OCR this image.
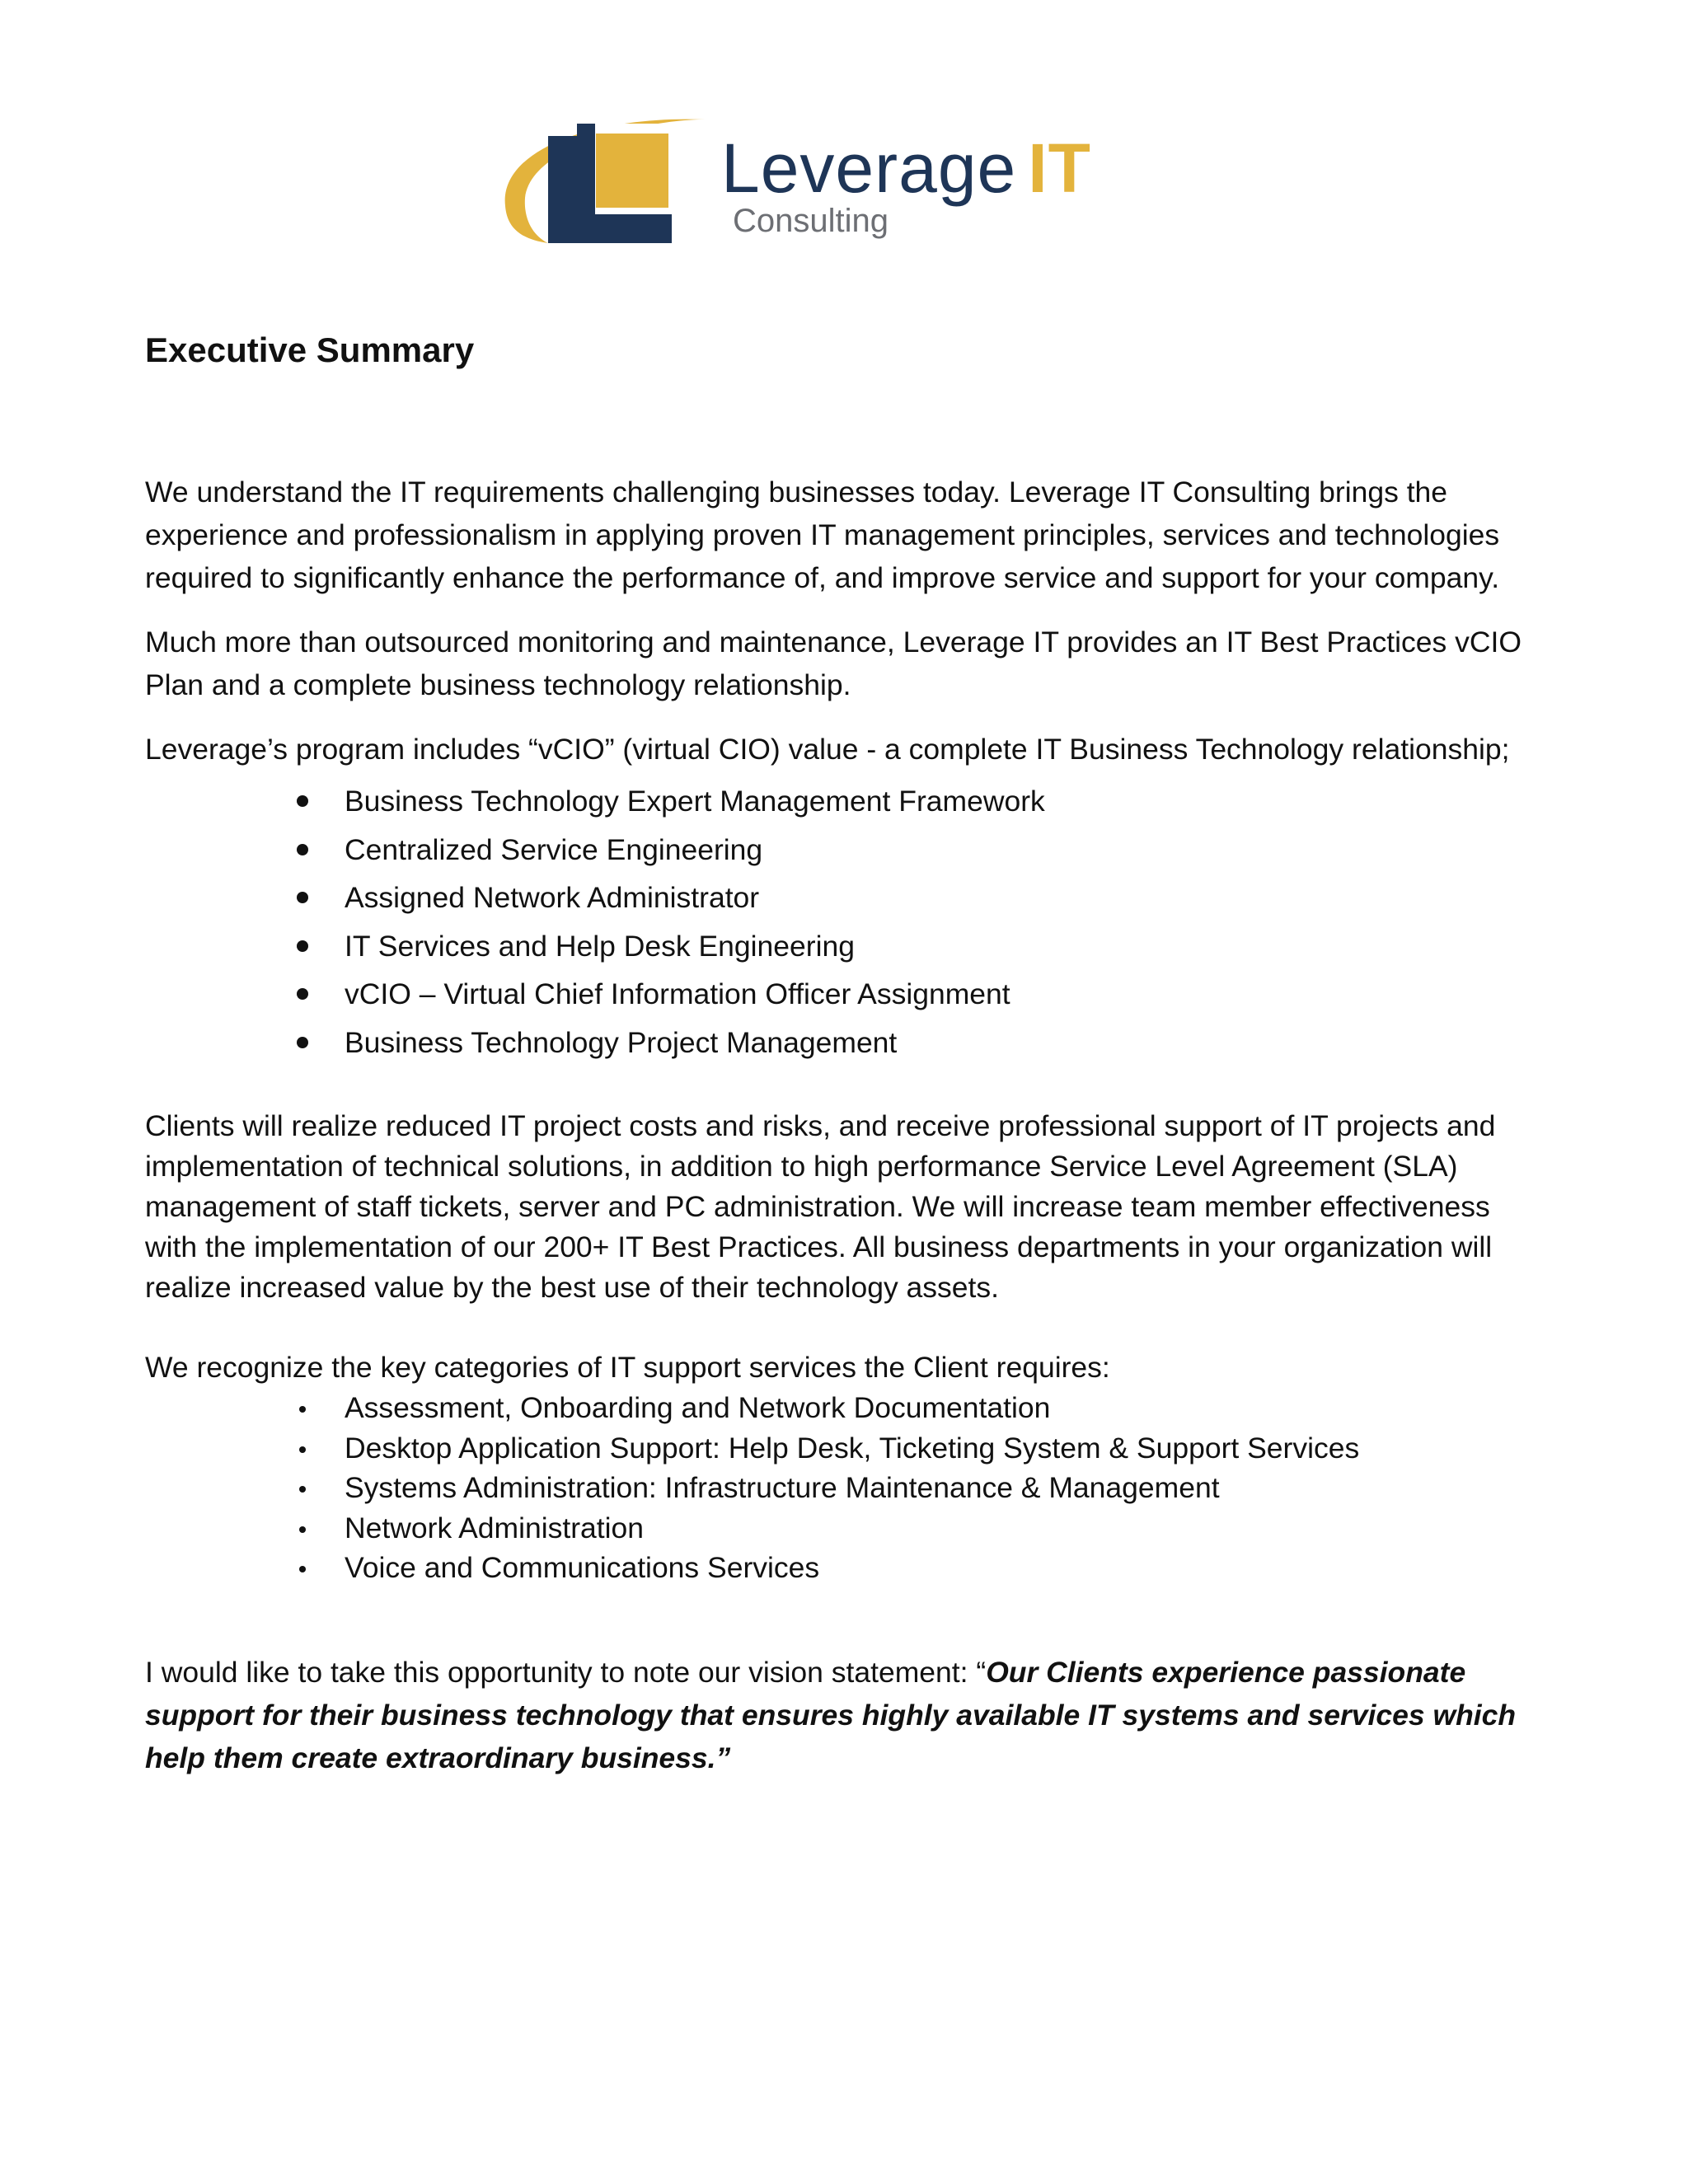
Leverage IT
Consulting
Executive Summary

We understand the IT requirements challenging businesses today. Leverage IT Consulting brings the experience and professionalism in applying proven IT management principles, services and technologies required to significantly enhance the performance of, and improve service and support for your company.

Much more than outsourced monitoring and maintenance, Leverage IT provides an IT Best Practices vCIO Plan and a complete business technology relationship.

Leverage’s program includes “vCIO” (virtual CIO) value - a complete IT Business Technology relationship;

Business Technology Expert Management Framework
Centralized Service Engineering
Assigned Network Administrator
IT Services and Help Desk Engineering
vCIO – Virtual Chief Information Officer Assignment
Business Technology Project Management

Clients will realize reduced IT project costs and risks, and receive professional support of IT projects and implementation of technical solutions, in addition to high performance Service Level Agreement (SLA) management of staff tickets, server and PC administration. We will increase team member effectiveness with the implementation of our 200+ IT Best Practices. All business departments in your organization will realize increased value by the best use of their technology assets.

We recognize the key categories of IT support services the Client requires:

Assessment, Onboarding and Network Documentation
Desktop Application Support: Help Desk, Ticketing System & Support Services
Systems Administration: Infrastructure Maintenance & Management
Network Administration
Voice and Communications Services

I would like to take this opportunity to note our vision statement: “Our Clients experience passionate support for their business technology that ensures highly available IT systems and services which help them create extraordinary business.”
